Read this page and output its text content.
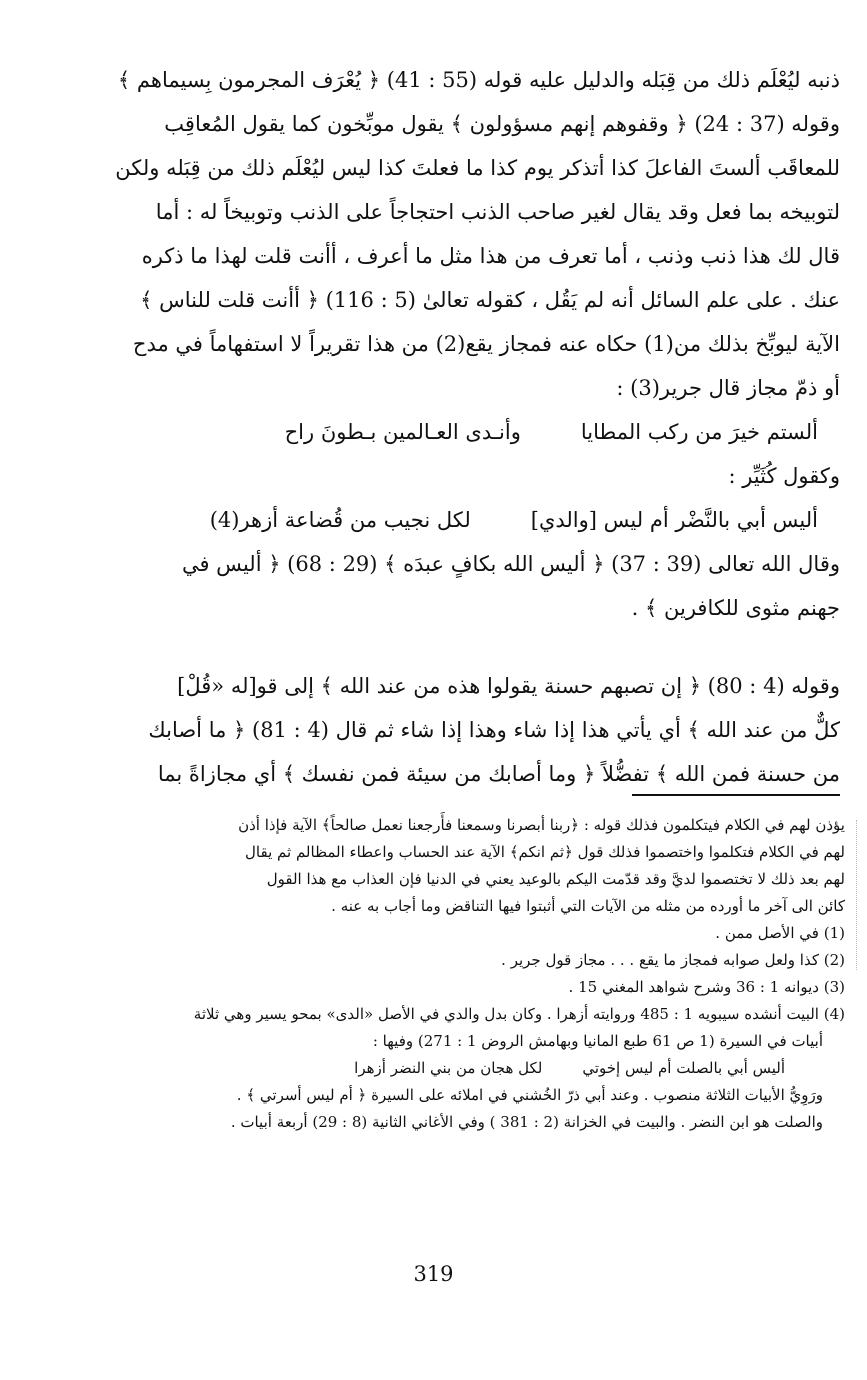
ذنبه ليُعْلَم ذلك من قِبَله والدليل عليه قوله (55 : 41) ﴿ يُعْرَف المجرمون بِسيماهم ﴾

وقوله (37 : 24) ﴿ وقفوهم إنهم مسؤولون ﴾ يقول موبِّخون كما يقول المُعاقِب

للمعاقَب ألستَ الفاعلَ كذا أتذكر يوم كذا ما فعلتَ كذا ليس ليُعْلَم ذلك من قِبَله ولكن

لتوبيخه بما فعل وقد يقال لغير صاحب الذنب احتجاجاً على الذنب وتوبيخاً له : أما

قال لك هذا ذنب وذنب ، أما تعرف من هذا مثل ما أعرف ، أأنت قلت لهذا ما ذكره

عنك . على علم السائل أنه لم يَقُل ، كقوله تعالىٰ (5 : 116) ﴿ أأنت قلت للناس ﴾

الآية ليوبِّخ بذلك من(1) حكاه عنه فمجاز يقع(2) من هذا تقريراً لا استفهاماً في مدح

أو ذمّ مجاز قال جرير(3) :

ألستم خيرَ من ركب المطايا
وأنـدى العـالمين بـطونَ راح

وكقول كُثَيِّر :

أليس أبي بالنَّضْر أم ليس [والدي]
لكل نجيب من قُضاعة أزهر(4)

وقال الله تعالى (39 : 37) ﴿ أليس الله بكافٍ عبدَه ﴾ (29 : 68) ﴿ أليس في

جهنم مثوى للكافرين ﴾ .

وقوله (4 : 80) ﴿ إن تصبهم حسنة يقولوا هذه من عند الله ﴾ إلى قو[له «قُلْ]

كلٌّ من عند الله ﴾ أي يأتي هذا إذا شاء وهذا إذا شاء ثم قال (4 : 81) ﴿ ما أصابك

من حسنة فمن الله ﴾ تفضُّلاً ﴿ وما أصابك من سيئة فمن نفسك ﴾ أي مجازاةً بما

يؤذن لهم في الكلام فيتكلمون فذلك قوله : ﴿ربنا أبصرنا وسمعنا فأَرجعنا نعمل صالحاً﴾ الآية فإذا أذن

لهم في الكلام فتكلموا واختصموا فذلك قول ﴿ثم انكم﴾ الآية عند الحساب واعطاء المظالم ثم يقال

لهم بعد ذلك لا تختصموا لديَّ وقد قدّمت اليكم بالوعيد يعني في الدنيا فإن العذاب مع هذا القول

كائن الى آخر ما أورده من مثله من الآيات التي أثبتوا فيها التناقض وما أجاب به عنه .

(1) في الأصل ممن .

(2) كذا ولعل صوابه فمجاز ما يقع . . . مجاز قول جرير .

(3) ديوانه 1 : 36 وشرح شواهد المغني 15 .

(4) البيت أنشده سيبويه 1 : 485 وروايته أزهرا . وكان بدل والدي في الأصل «الدى» بمحو يسير وهي ثلاثة

أبيات في السيرة (1 ص 61 طبع المانيا وبهامش الروض 1 : 271) وفيها :

أليس أبي بالصلت أم ليس إخوتي
لكل هجان من بني النضر أزهرا

ورَوِيُّ الأبيات الثلاثة منصوب . وعند أبي ذرّ الخُشني في املائه على السيرة ﴿ أم ليس أسرتي ﴾ .

والصلت هو ابن النضر . والبيت في الخزانة (2 : 381 ) وفي الأغاني الثانية (8 : 29) أربعة أبيات .

319
